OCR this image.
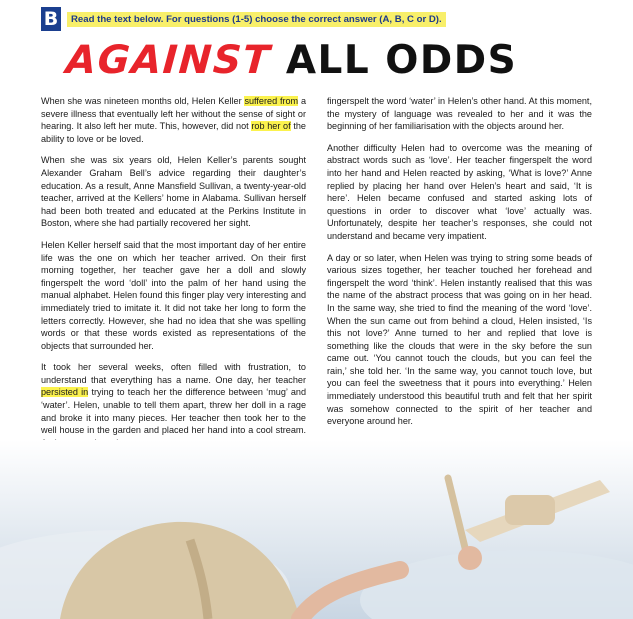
B	Read the text below. For questions (1-5) choose the correct answer (A, B, C or D).
AGAINST ALL ODDS

When she was nineteen months old, Helen Keller suffered from a severe illness that eventually left her without the sense of sight or hearing. It also left her mute. This, however, did not rob her of the ability to love or be loved.

When she was six years old, Helen Keller’s parents sought Alexander Graham Bell’s advice regarding their daughter’s education. As a result, Anne Mansfield Sullivan, a twenty-year-old teacher, arrived at the Kellers’ home in Alabama. Sullivan herself had been both treated and educated at the Perkins Institute in Boston, where she had partially recovered her sight.

Helen Keller herself said that the most important day of her entire life was the one on which her teacher arrived. On their first morning together, her teacher gave her a doll and slowly fingerspelt the word ‘doll’ into the palm of her hand using the manual alphabet. Helen found this finger play very interesting and immediately tried to imitate it. It did not take her long to form the letters correctly. However, she had no idea that she was spelling words or that these words existed as representations of the objects that surrounded her.

It took her several weeks, often filled with frustration, to understand that everything has a name. One day, her teacher persisted in trying to teach her the difference between ‘mug’ and ‘water’. Helen, unable to tell them apart, threw her doll in a rage and broke it into many pieces. Her teacher then took her to the well house in the garden and placed her hand into a cool stream.

fingerspelt the word ‘water’ in Helen’s other hand. At this moment, the mystery of language was revealed to her and it was the beginning of her familiarisation with the objects around her.

Another difficulty Helen had to overcome was the meaning of abstract words such as ‘love’. Her teacher fingerspelt the word into her hand and Helen reacted by asking, ‘What is love?’ Anne replied by placing her hand over Helen’s heart and said, ‘It is here’. Helen became confused and started asking lots of questions in order to discover what ‘love’ actually was. Unfortunately, despite her teacher’s responses, she could not understand and became very impatient.

A day or so later, when Helen was trying to string some beads of various sizes together, her teacher touched her forehead and fingerspelt the word ‘think’. Helen instantly realised that this was the name of the abstract process that was going on in her head. In the same way, she tried to find the meaning of the word ‘love’. When the sun came out from behind a cloud, Helen insisted, ‘Is this not love?’ Anne turned to her and replied that love is something like the clouds that were in the sky before the sun came out. ‘You cannot touch the clouds, but you can feel the rain,’ she told her. ‘In the same way, you cannot touch love, but you can feel the sweetness that it pours into everything.’ Helen immediately understood this beautiful truth and felt that her spirit was somehow connected to the spirit of her teacher and everyone around her.
